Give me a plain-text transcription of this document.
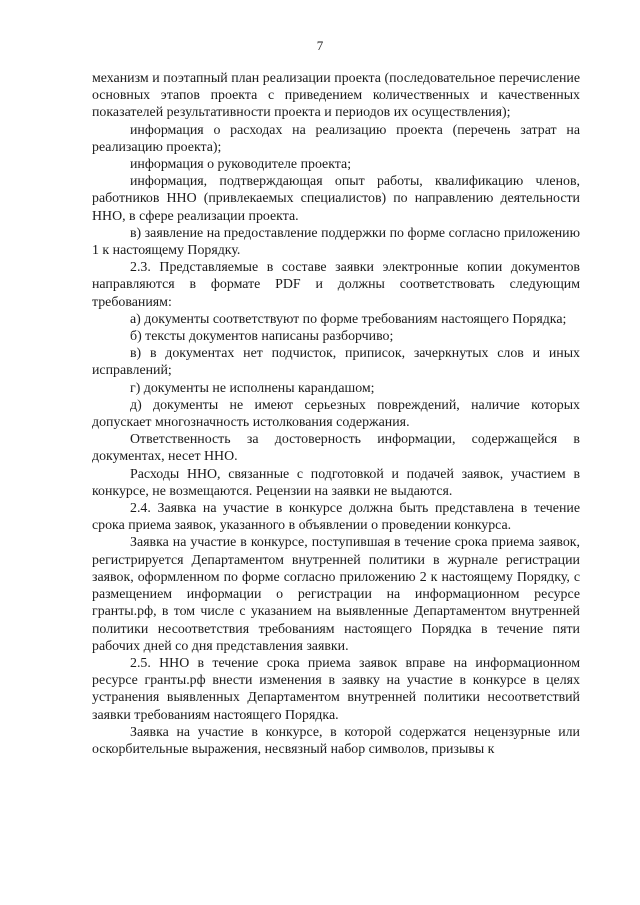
7

механизм и поэтапный план реализации проекта (последовательное перечисление основных этапов проекта с приведением количественных и качественных показателей результативности проекта и периодов их осуществления);

информация о расходах на реализацию проекта (перечень затрат на реализацию проекта);

информация о руководителе проекта;

информация, подтверждающая опыт работы, квалификацию членов, работников ННО (привлекаемых специалистов) по направлению деятельности ННО, в сфере реализации проекта.

в) заявление на предоставление поддержки по форме согласно приложению 1 к настоящему Порядку.

2.3. Представляемые в составе заявки электронные копии документов направляются в формате PDF и должны соответствовать следующим требованиям:

а) документы соответствуют по форме требованиям настоящего Порядка;

б) тексты документов написаны разборчиво;

в) в документах нет подчисток, приписок, зачеркнутых слов и иных исправлений;

г) документы не исполнены карандашом;

д) документы не имеют серьезных повреждений, наличие которых допускает многозначность истолкования содержания.

Ответственность за достоверность информации, содержащейся в документах, несет ННО.

Расходы ННО, связанные с подготовкой и подачей заявок, участием в конкурсе, не возмещаются. Рецензии на заявки не выдаются.

2.4. Заявка на участие в конкурсе должна быть представлена в течение срока приема заявок, указанного в объявлении о проведении конкурса.

Заявка на участие в конкурсе, поступившая в течение срока приема заявок, регистрируется Департаментом внутренней политики в журнале регистрации заявок, оформленном по форме согласно приложению 2 к настоящему Порядку, с размещением информации о регистрации на информационном ресурсе гранты.рф, в том числе с указанием на выявленные Департаментом внутренней политики несоответствия требованиям настоящего Порядка в течение пяти рабочих дней со дня представления заявки.

2.5. ННО в течение срока приема заявок вправе на информационном ресурсе гранты.рф внести изменения в заявку на участие в конкурсе в целях устранения выявленных Департаментом внутренней политики несоответствий заявки требованиям настоящего Порядка.

Заявка на участие в конкурсе, в которой содержатся нецензурные или оскорбительные выражения, несвязный набор символов, призывы к
